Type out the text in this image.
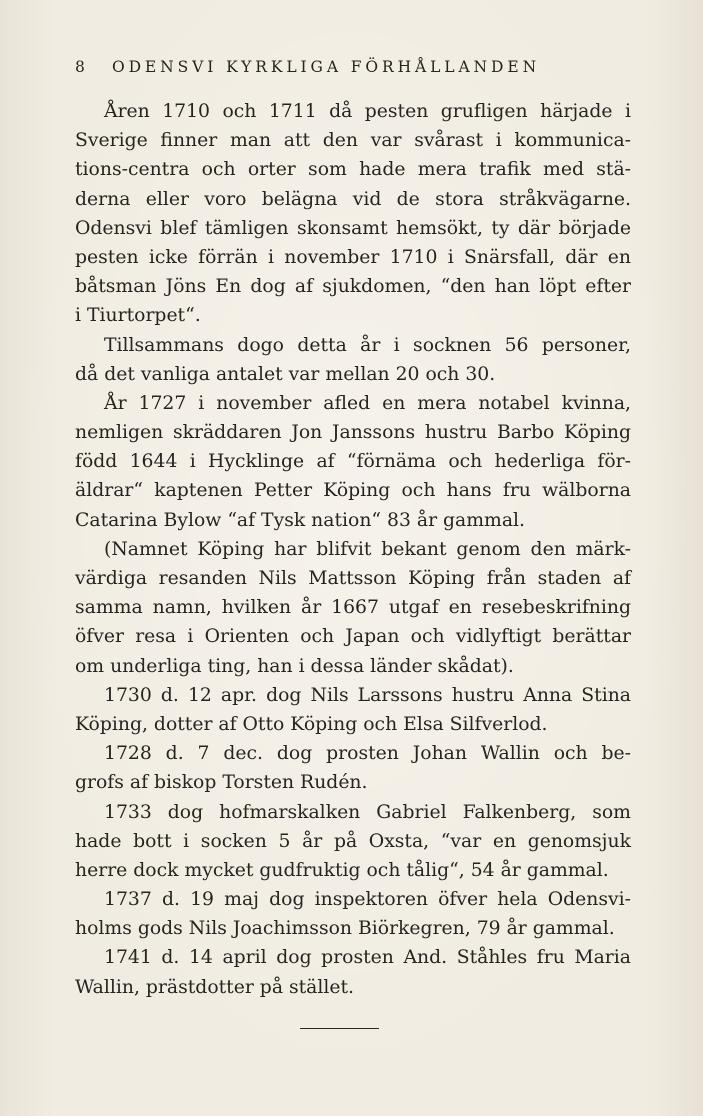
8 ODENSVI KYRKLIGA FÖRHÅLLANDEN
Åren 1710 och 1711 då pesten grufligen härjade i
Sverige finner man att den var svårast i kommunica-
tions-centra och orter som hade mera trafik med stä-
derna eller voro belägna vid de stora stråkvägarne.
Odensvi blef tämligen skonsamt hemsökt, ty där började
pesten icke förrän i november 1710 i Snärsfall, där en
båtsman Jöns En dog af sjukdomen, “den han löpt efter
i Tiurtorpet“.
Tillsammans dogo detta år i socknen 56 personer,
då det vanliga antalet var mellan 20 och 30.
År 1727 i november afled en mera notabel kvinna,
nemligen skräddaren Jon Janssons hustru Barbo Köping
född 1644 i Hycklinge af “förnäma och hederliga för-
äldrar“ kaptenen Petter Köping och hans fru wälborna
Catarina Bylow “af Tysk nation“ 83 år gammal.
(Namnet Köping har blifvit bekant genom den märk-
värdiga resanden Nils Mattsson Köping från staden af
samma namn, hvilken år 1667 utgaf en resebeskrifning
öfver resa i Orienten och Japan och vidlyftigt berättar
om underliga ting, han i dessa länder skådat).
1730 d. 12 apr. dog Nils Larssons hustru Anna Stina
Köping, dotter af Otto Köping och Elsa Silfverlod.
1728 d. 7 dec. dog prosten Johan Wallin och be-
grofs af biskop Torsten Rudén.
1733 dog hofmarskalken Gabriel Falkenberg, som
hade bott i socken 5 år på Oxsta, “var en genomsjuk
herre dock mycket gudfruktig och tålig“, 54 år gammal.
1737 d. 19 maj dog inspektoren öfver hela Odensvi-
holms gods Nils Joachimsson Biörkegren, 79 år gammal.
1741 d. 14 april dog prosten And. Ståhles fru Maria
Wallin, prästdotter på stället.
